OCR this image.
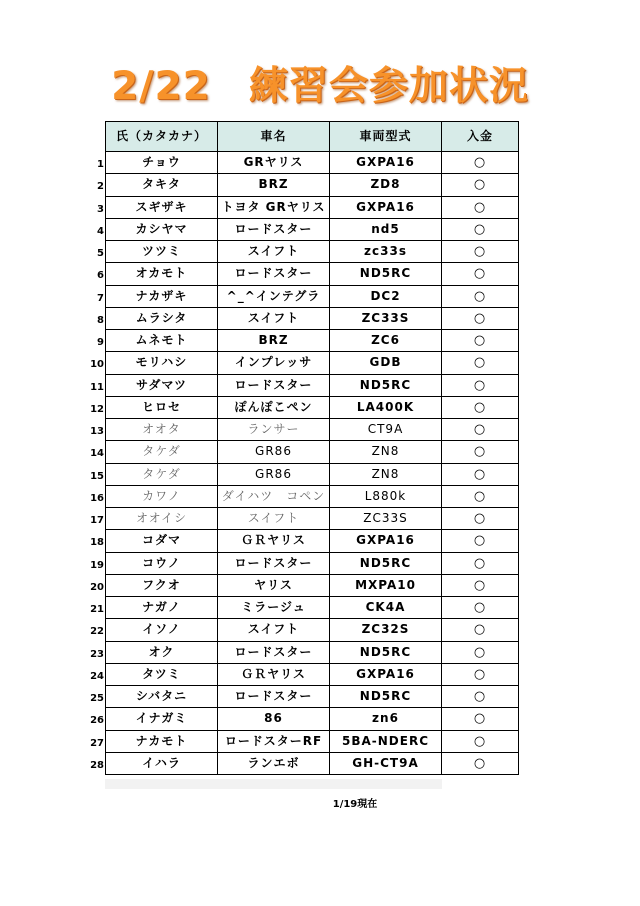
2/22 練習会参加状況
氏（カタカナ）	車名	車両型式	入金
1	チョウ	GRヤリス	GXPA16	○
2	タキタ	BRZ	ZD8	○
3	スギザキ	トヨタ GRヤリス	GXPA16	○
4	カシヤマ	ロードスター	nd5	○
5	ツツミ	スイフト	zc33s	○
6	オカモト	ロードスター	ND5RC	○
7	ナカザキ	^_^インテグラ	DC2	○
8	ムラシタ	スイフト	ZC33S	○
9	ムネモト	BRZ	ZC6	○
10	モリハシ	インプレッサ	GDB	○
11	サダマツ	ロードスター	ND5RC	○
12	ヒロセ	ぽんぽこペン	LA400K	○
13	オオタ	ランサー	CT9A	○
14	タケダ	GR86	ZN8	○
15	タケダ	GR86	ZN8	○
16	カワノ	ダイハツ　コペン	L880k	○
17	オオイシ	スイフト	ZC33S	○
18	コダマ	ＧＲヤリス	GXPA16	○
19	コウノ	ロードスター	ND5RC	○
20	フクオ	ヤリス	MXPA10	○
21	ナガノ	ミラージュ	CK4A	○
22	イソノ	スイフト	ZC32S	○
23	オク	ロードスター	ND5RC	○
24	タツミ	ＧＲヤリス	GXPA16	○
25	シバタニ	ロードスター	ND5RC	○
26	イナガミ	86	zn6	○
27	ナカモト	ロードスターRF	5BA-NDERC	○
28	イハラ	ランエボ	GH-CT9A	○
1/19現在
